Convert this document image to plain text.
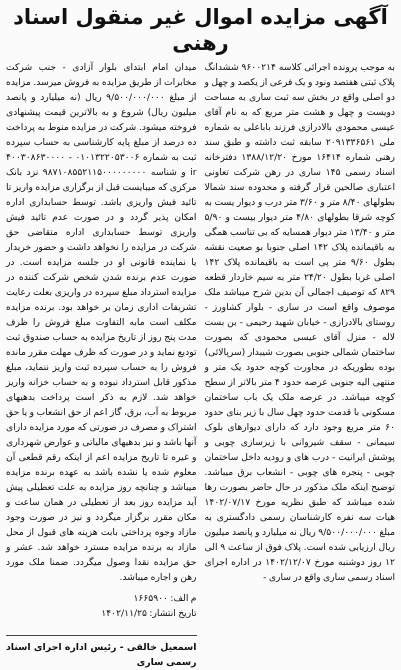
آگهی مزایده اموال غیر منقول اسناد رهنی

به موجب پرونده اجرائی کلاسه ۹۶۰۰۲۱۴ ششدانگ پلاک ثبتی هفتصد ونود و یک فرعی از یکصد و چهل و دو اصلی واقع در بخش سه ثبت ساری به مساحت دویست و چهل و هشت متر مربع که به نام آقای عیسی محمودی بالادرازی فرزند باباعلی به شماره ملی ۲۰۹۱۳۳۶۵۶۱ سابقه ثبت داشته و طبق سند رهنی شماره ۱۶۴۱۴ مورخ ۱۳۸۸/۱۲/۲۰ دفترخانه اسناد رسمی ۱۴۵ ساری در رهن شرکت تعاونی اعتباری صالحین قرار گرفته و محدوده سند شمالا بطولهای ۸/۴۰ متر و ۳/۶۰ متر درب و دیوار یست به کوچه شرقا بطولهای ۴/۸۰ متر دیوار بیست و ۵/۹۰ متر و ۱۳/۴۰ متر دیوار همسایه که بی تناسب همگی به باقیمانده پلاک ۱۴۲ اصلی جنوبا بو صعیت نقشه بطول ۹/۶۰ متر پی است به باقیمانده پلاک ۱۴۲ اصلی غربا بطول ۲۴/۲۰ متر به سیم خاردار قطعه ۸۲۹ که توصیف اجمالی آن بدین شرح میباشد ملک موصوف واقع است در ساری - بلوار کشاورز - روستای بالادرازی - خیابان شهید رحیمی - بن بست لاله - منزل آقای عیسی محمودی که بصورت ساختمان شمالی جنوبی بصورت شیبدار (سرپالائی) بوده بطوریکه در مجاورت کوچه حدود یک متر و منتهی الیه جنوبی عرصه حدود ۴ متر بالاتر از سطح کوچه میباشد. در عرصه ملک یک باب ساختمان مسکونی با قدمت حدود چهل سال با زیر بنای حدود ۶۰ متر مربع وجود دارد که دارای دیوارهای بلوک سیمانی - سقف شیروانی با زیرسازی چوبی و پوشش ایرانیت - درب های و رودیه داخل ساختمان چوبی - پنجره های چوبی - انشعاب برق میباشد. توضیح اینکه ملک مذکور در حال حاضر بصورت رها شده میباشد که طبق نظریه مورخ ۱۴۰۲/۰۷/۱۷ هیات سه نفره کارشناسان رسمی دادگستری به مبلغ ۹/۵۰۰/۰۰۰/۰۰۰ ریال نه میلیارد و پانصد میلیون ریال ارزیابی شده است. پلاک فوق از ساعت ۹ الی ۱۲ روز دوشنبه مورخ ۱۴۰۲/۱۲/۰۷ در اداره اجرای اسناد رسمی ساری واقع در ساری -

میدان امام ابتدای بلوار آزادی - جنب شرکت مخابرات از طریق مزایده به فروش میرسد. مزایده از مبلغ ۹/۵۰۰/۰۰۰/۰۰۰ ریال (نه میلیارد و پانصد میلیون ریال) شروع و به بالاترین قیمت پیشنهادی فروخته میشود. شرکت در مزایده منوط به پرداخت ده درصد از مبلغ پایه کارشناسی به حساب سپرده ثبت به شماره ۰۱۰۱۳۲۲۰۵۳۰۰۶ - ۴۰۰۳۰۸۶۳۰۰۰۰ ir و شناسه ۹۸۷۱۰۸۵۵۲۱۱۵۰۰۰۰۰۰۰۰۰ نزد بانک مرکزی که میبایست قبل از برگزاری مزایده واریز تا تائید فیش واریزی باشد. توسط حسابداری اداره امکان پذیر گردد و در صورت عدم تائید فیش واریزی توسط حسابداری اداره متقاضی حق شرکت در مزایده را نخواهد داشت و حضور خریدار یا نماینده قانونی او در جلسه مزایده است. در صورت عدم برنده شدن شخص شرکت کننده در مزایده استرداد مبلغ سپرده در واریزی بعلت رعایت تشریفات اداری زمان بر خواهد بود. برنده مزایده مکلف است مابه التفاوت مبلغ فروش را ظرف مدت پنج روز از تاریخ مزایده به حساب صندوق ثبت تودیع نماید و در صورت که ظرف مهلت مقرر مانده فروش را به حساب سپرده ثبت واریز ننماید، مبلغ مذکور قابل استرداد نبوده و به حساب خزانه واریز خواهد شد. لازم به ذکر است پرداخت بدهیهای مربوط به آب، برق، گاز اعم از حق انشعاب و یا حق اشتراک و مصرف در صورتی که مورد مزایده دارای آنها باشد و نیز بدهیهای مالیاتی و عوارض شهرداری و غیره تا تاریخ مزایده اعم از اینکه رقم قطعی آن معلوم شده یا نشده باشد به عهده برنده مزایده میباشد و چنانچه روز مزایده به علت تعطیلی پیش آید مزایده روز بعد از تعطیلی در همان ساعت و مکان مقرر برگزار میگردد و نیز در صورت وجود مازاد وجوه پرداختی بابت هزینه های قبول از محل مازاد به برنده مزایده مسترد خواهد شد. عشر و حق مزایده نقدا وصول میگردد. ضمنا ملک مورد رهن و اجاره میباشد.

م الف: ۱۶۶۵۹۰۰
تاریخ انتشار: ۱۴۰۲/۱۱/۲۵
اسمعیل خالقی - رئیس اداره اجرای اسناد رسمی ساری
